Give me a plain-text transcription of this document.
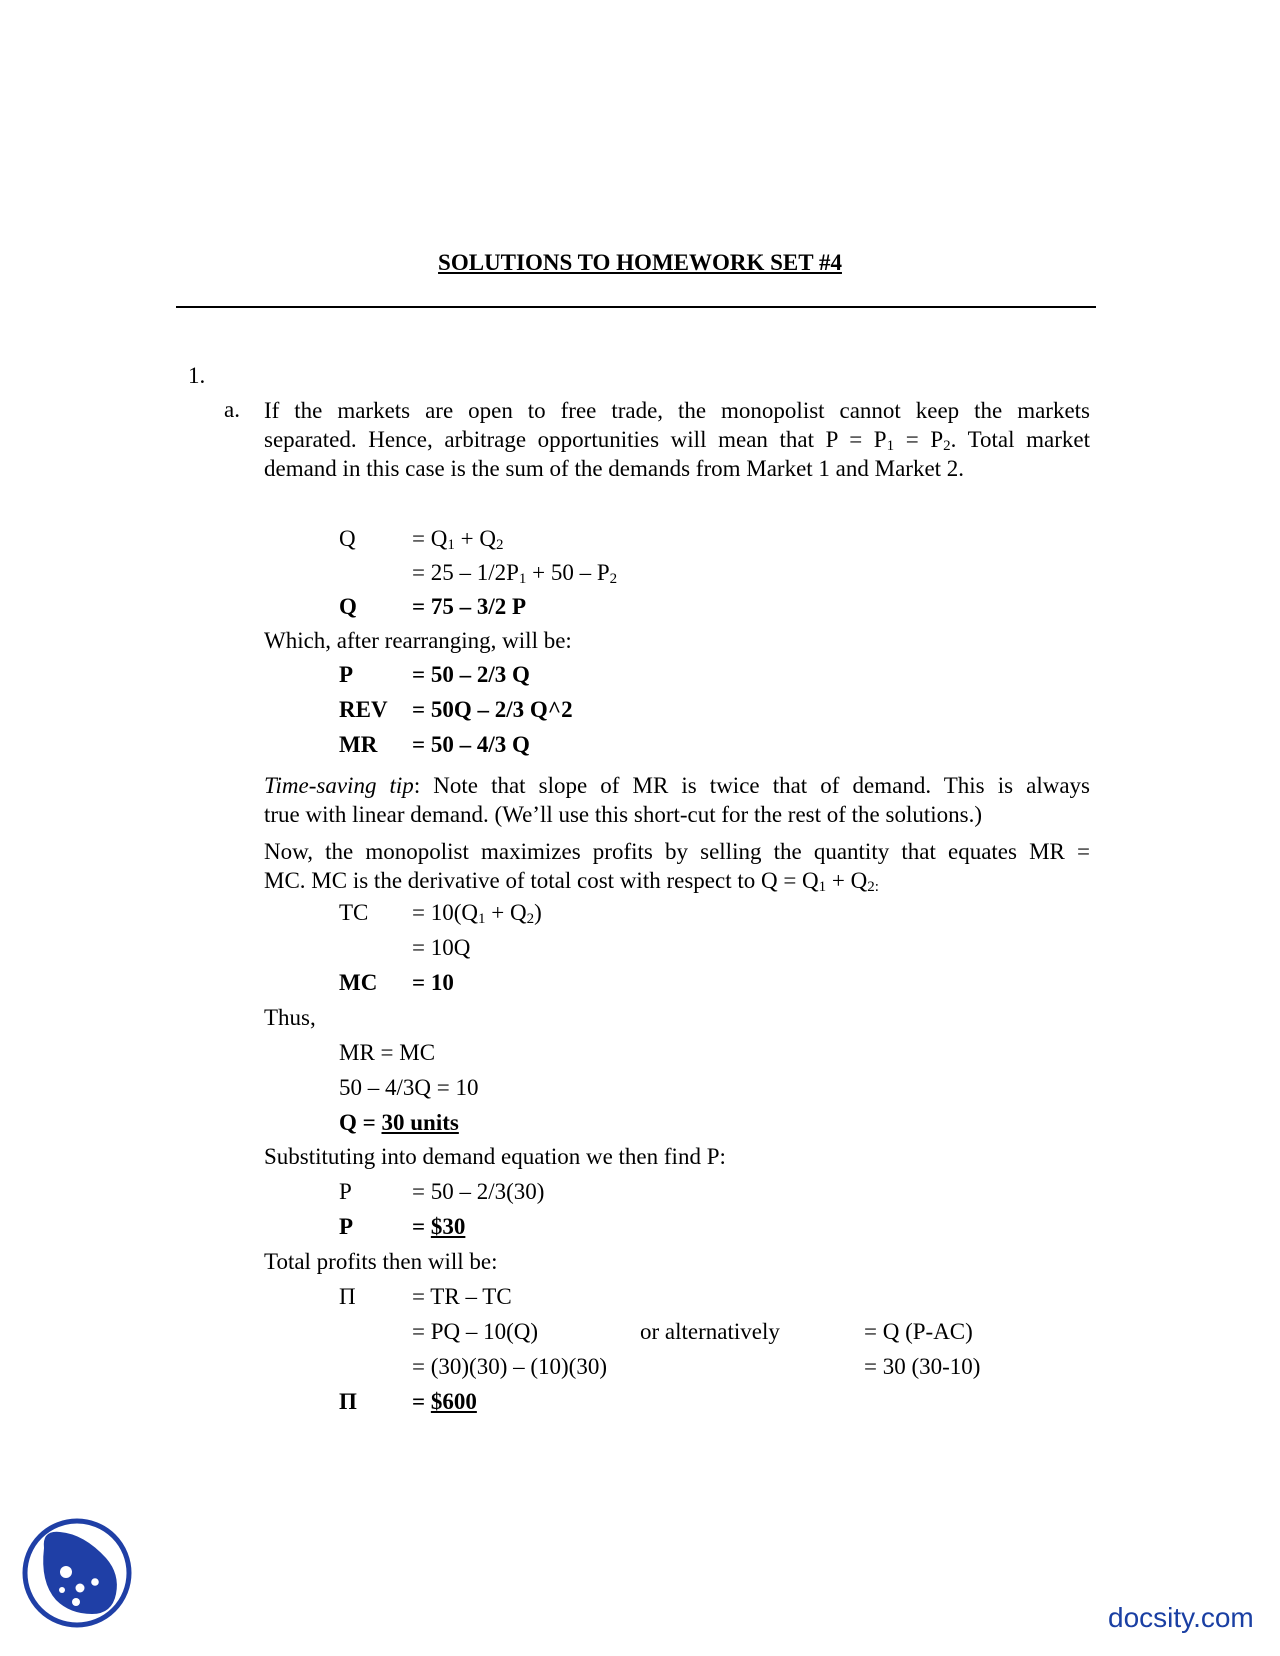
SOLUTIONS TO HOMEWORK SET #4
1.
a. If the markets are open to free trade, the monopolist cannot keep the markets
separated. Hence, arbitrage opportunities will mean that $P = P_1 = P_2$. Total market
demand in this case is the sum of the demands from Market 1 and Market 2.
$Q = Q_1 + Q_2$
= $25 - 1/2P_1 + 50 - P_2$
Q = 75 – 3/2 P
Which, after rearranging, will be:
P	= 50 – 2/3 Q
REV = 50Q – 2/3 Q^2
MR = 50 – 4/3 Q
Time-saving tip: Note that slope of MR is twice that of demand. This is always
true with linear demand. (We’ll use this short-cut for the rest of the solutions.)
Now, the monopolist maximizes profits by selling the quantity that equates MR =
MC. MC is the derivative of total cost with respect to $Q = Q_1 + Q_{2:}$
TC = $10(Q_1 + Q_2)$
= 10Q
MC = 10
Thus,
MR = MC
50 – 4/3Q = 10
Q = 30 units
Substituting into demand equation we then find P:
P	= 50 – 2/3(30)
P	= $30
Total profits then will be:
Π = TR – TC
= PQ – 10(Q)	or alternatively	= Q (P-AC)
= (30)(30) – (10)(30)	= 30 (30-10)
Π = $600
docsity.com
